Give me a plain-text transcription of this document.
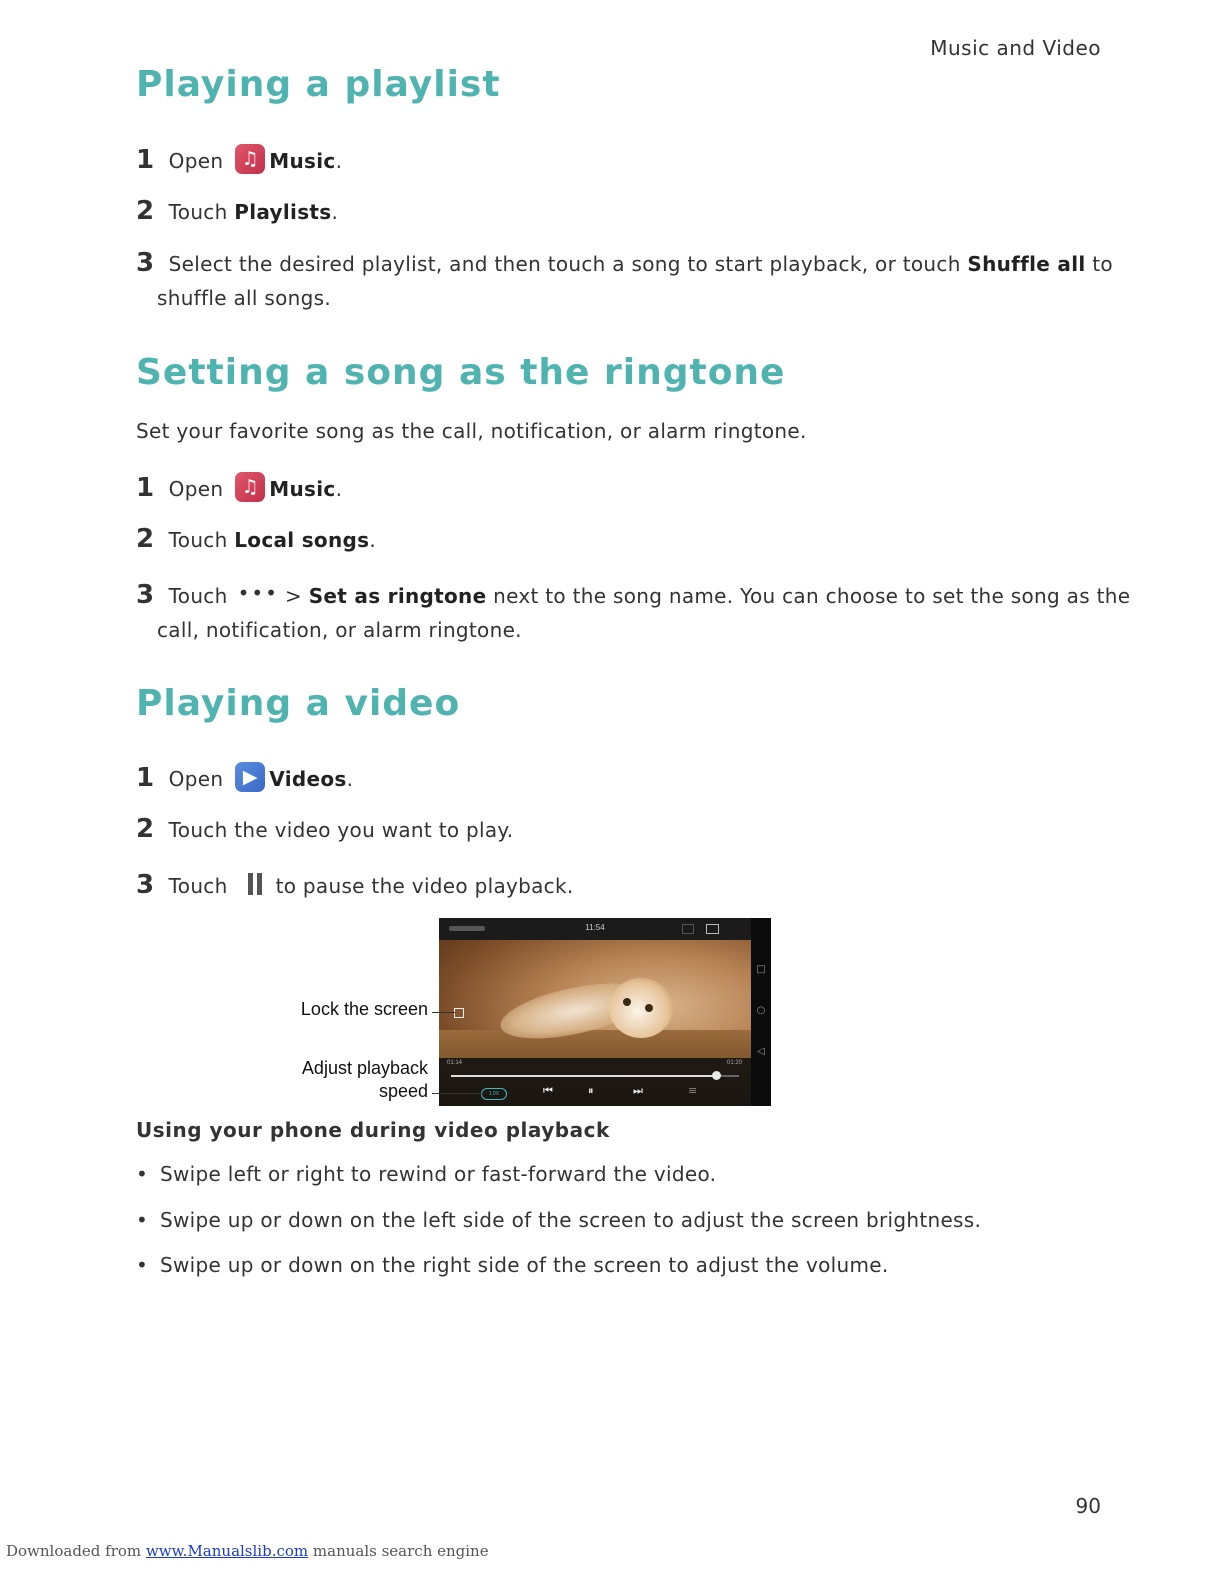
Music and Video
Playing a playlist
1 Open ♫ Music.
2 Touch Playlists.
3 Select the desired playlist, and then touch a song to start playback, or touch Shuffle all to
shuffle all songs.
Setting a song as the ringtone
Set your favorite song as the call, notification, or alarm ringtone.
1 Open ♫ Music.
2 Touch Local songs.
3 Touch ••• > Set as ringtone next to the song name. You can choose to set the song as the
call, notification, or alarm ringtone.
Playing a video
1 Open	▶ Videos.
2 Touch the video you want to play.
3 Touch to pause the video playback.
11:54
01:14	01:20
1.0X	⏮	⏸	⏭	≡
□
○
◁
Lock the screen
Adjust playback
speed
Using your phone during video playback
• Swipe left or right to rewind or fast-forward the video.
• Swipe up or down on the left side of the screen to adjust the screen brightness.
• Swipe up or down on the right side of the screen to adjust the volume.
90
Downloaded from www.Manualslib.com manuals search engine
